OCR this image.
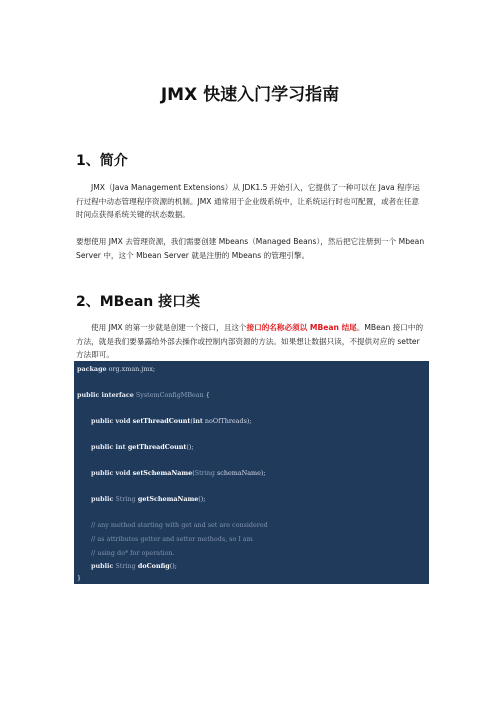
JMX 快速入门学习指南
1、简介

JMX（Java Management Extensions）从 JDK1.5 开始引入，它提供了一种可以在 Java 程序运行过程中动态管理程序资源的机制。JMX 通常用于企业级系统中，让系统运行时也可配置，或者在任意时间点获得系统关键的状态数据。

要想使用 JMX 去管理资源，我们需要创建 Mbeans（Managed Beans），然后把它注册到一个 Mbean Server 中，这个 Mbean Server 就是注册的 Mbeans 的管理引擎。

2、MBean 接口类

使用 JMX 的第一步就是创建一个接口，且这个接口的名称必须以 MBean 结尾。MBean 接口中的方法，就是我们要暴露给外部去操作或控制内部资源的方法。如果想让数据只读，不提供对应的 setter 方法即可。

package org.xman.jmx;
public interface SystemConfigMBean {
public void setThreadCount(int noOfThreads);
public int getThreadCount();
public void setSchemaName(String schemaName);
public String getSchemaName();
// any method starting with get and set are considered
// as attributes getter and setter methods, so I am
// using do* for operation.
public String doConfig();
}
